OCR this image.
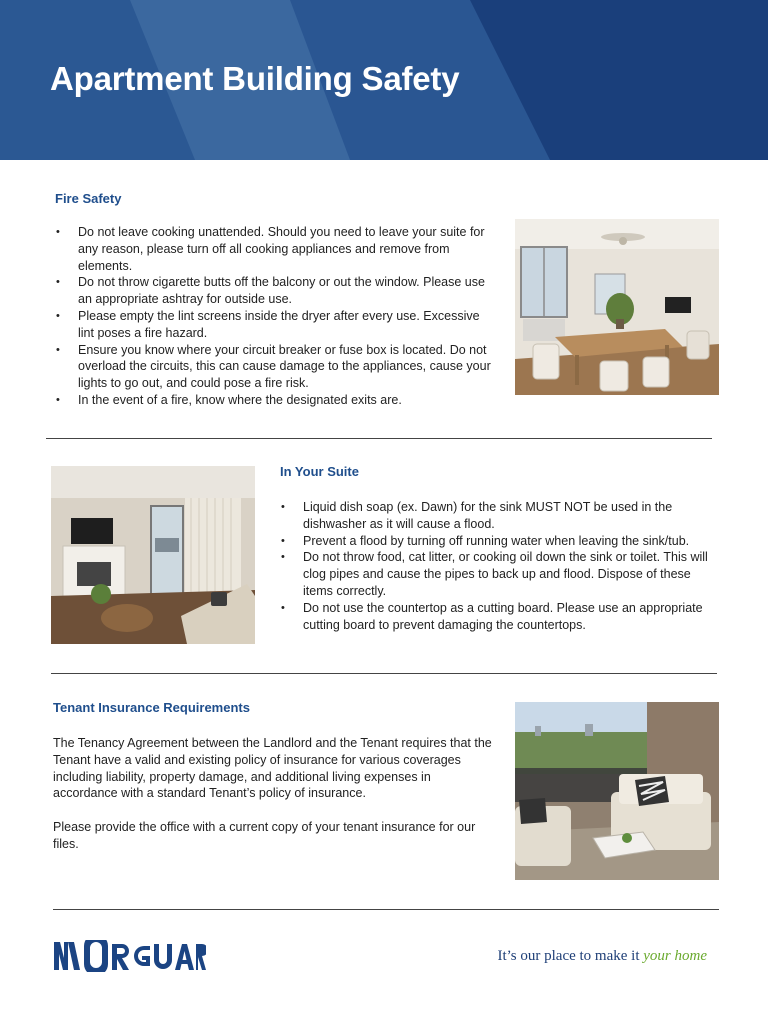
Apartment Building Safety
Fire Safety
• Do not leave cooking unattended. Should you need to leave your suite for any reason, please turn off all cooking appliances and remove from elements.
• Do not throw cigarette butts off the balcony or out the window. Please use an appropriate ashtray for outside use.
• Please empty the lint screens inside the dryer after every use. Excessive lint poses a fire hazard.
• Ensure you know where your circuit breaker or fuse box is located. Do not overload the circuits, this can cause damage to the appliances, cause your lights to go out, and could pose a fire risk.
• In the event of a fire, know where the designated exits are.
In Your Suite
• Liquid dish soap (ex. Dawn) for the sink MUST NOT be used in the dishwasher as it will cause a flood.
• Prevent a flood by turning off running water when leaving the sink/tub.
• Do not throw food, cat litter, or cooking oil down the sink or toilet. This will clog pipes and cause the pipes to back up and flood. Dispose of these items correctly.
• Do not use the countertop as a cutting board. Please use an appropriate cutting board to prevent damaging the countertops.
Tenant Insurance Requirements

The Tenancy Agreement between the Landlord and the Tenant requires that the Tenant have a valid and existing policy of insurance for various coverages including liability, property damage, and additional living expenses in accordance with a standard Tenant’s policy of insurance.

Please provide the office with a current copy of your tenant insurance for our files.

It’s our place to make it your home
